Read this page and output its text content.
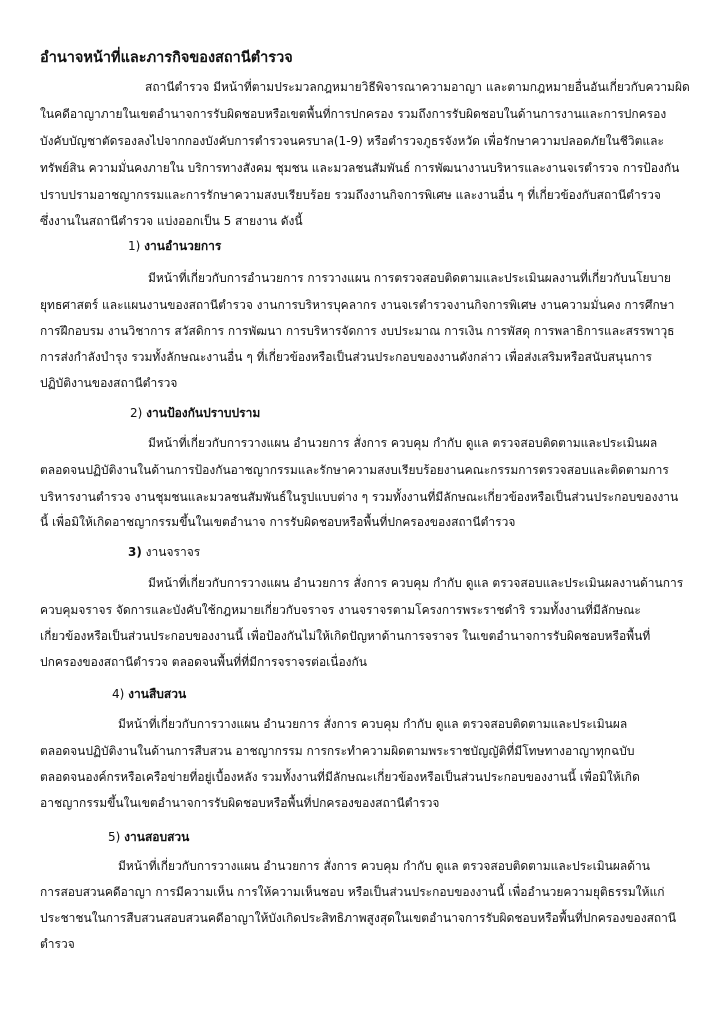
อำนาจหน้าที่และภารกิจของสถานีตำรวจ
สถานีตำรวจ มีหน้าที่ตามประมวลกฎหมายวิธีพิจารณาความอาญา และตามกฎหมายอื่นอันเกี่ยวกับความผิด
ในคดีอาญาภายในเขตอำนาจการรับผิดชอบหรือเขตพื้นที่การปกครอง รวมถึงการรับผิดชอบในด้านการงานและการปกครอง
บังคับบัญชาตัดรองลงไปจากกองบังคับการตำรวจนครบาล(1-9) หรือตำรวจภูธรจังหวัด เพื่อรักษาความปลอดภัยในชีวิตและ
ทรัพย์สิน ความมั่นคงภายใน บริการทางสังคม ชุมชน และมวลชนสัมพันธ์ การพัฒนางานบริหารและงานจเรตำรวจ การป้องกัน
ปราบปรามอาชญากรรมและการรักษาความสงบเรียบร้อย รวมถึงงานกิจการพิเศษ และงานอื่น ๆ ที่เกี่ยวข้องกับสถานีตำรวจ
ซึ่งงานในสถานีตำรวจ แบ่งออกเป็น 5 สายงาน ดังนี้
1) งานอำนวยการ
มีหน้าที่เกี่ยวกับการอำนวยการ การวางแผน การตรวจสอบติดตามและประเมินผลงานที่เกี่ยวกับนโยบาย
ยุทธศาสตร์ และแผนงานของสถานีตำรวจ งานการบริหารบุคลากร งานจเรตำรวจงานกิจการพิเศษ งานความมั่นคง การศึกษา
การฝึกอบรม งานวิชาการ สวัสดิการ การพัฒนา การบริหารจัดการ งบประมาณ การเงิน การพัสดุ การพลาธิการและสรรพาวุธ
การส่งกำลังบำรุง รวมทั้งลักษณะงานอื่น ๆ ที่เกี่ยวข้องหรือเป็นส่วนประกอบของงานดังกล่าว เพื่อส่งเสริมหรือสนับสนุนการ
ปฏิบัติงานของสถานีตำรวจ
2) งานป้องกันปราบปราม
มีหน้าที่เกี่ยวกับการวางแผน อำนวยการ สั่งการ ควบคุม กำกับ ดูแล ตรวจสอบติดตามและประเมินผล
ตลอดจนปฏิบัติงานในด้านการป้องกันอาชญากรรมและรักษาความสงบเรียบร้อยงานคณะกรรมการตรวจสอบและติดตามการ
บริหารงานตำรวจ งานชุมชนและมวลชนสัมพันธ์ในรูปแบบต่าง ๆ รวมทั้งงานที่มีลักษณะเกี่ยวข้องหรือเป็นส่วนประกอบของงาน
นี้ เพื่อมิให้เกิดอาชญากรรมขึ้นในเขตอำนาจ การรับผิดชอบหรือพื้นที่ปกครองของสถานีตำรวจ
3) งานจราจร
มีหน้าที่เกี่ยวกับการวางแผน อำนวยการ สั่งการ ควบคุม กำกับ ดูแล ตรวจสอบและประเมินผลงานด้านการ
ควบคุมจราจร จัดการและบังคับใช้กฎหมายเกี่ยวกับจราจร งานจราจรตามโครงการพระราชดำริ รวมทั้งงานที่มีลักษณะ
เกี่ยวข้องหรือเป็นส่วนประกอบของงานนี้ เพื่อป้องกันไม่ให้เกิดปัญหาด้านการจราจร ในเขตอำนาจการรับผิดชอบหรือพื้นที่
ปกครองของสถานีตำรวจ ตลอดจนพื้นที่ที่มีการจราจรต่อเนื่องกัน
4) งานสืบสวน
มีหน้าที่เกี่ยวกับการวางแผน อำนวยการ สั่งการ ควบคุม กำกับ ดูแล ตรวจสอบติดตามและประเมินผล
ตลอดจนปฏิบัติงานในด้านการสืบสวน อาชญากรรม การกระทำความผิดตามพระราชบัญญัติที่มีโทษทางอาญาทุกฉบับ
ตลอดจนองค์กรหรือเครือข่ายที่อยู่เบื้องหลัง รวมทั้งงานที่มีลักษณะเกี่ยวข้องหรือเป็นส่วนประกอบของงานนี้ เพื่อมิให้เกิด
อาชญากรรมขึ้นในเขตอำนาจการรับผิดชอบหรือพื้นที่ปกครองของสถานีตำรวจ
5) งานสอบสวน
มีหน้าที่เกี่ยวกับการวางแผน อำนวยการ สั่งการ ควบคุม กำกับ ดูแล ตรวจสอบติดตามและประเมินผลด้าน
การสอบสวนคดีอาญา การมีความเห็น การให้ความเห็นชอบ หรือเป็นส่วนประกอบของงานนี้ เพื่ออำนวยความยุติธรรมให้แก่
ประชาชนในการสืบสวนสอบสวนคดีอาญาให้บังเกิดประสิทธิภาพสูงสุดในเขตอำนาจการรับผิดชอบหรือพื้นที่ปกครองของสถานี
ตำรวจ
